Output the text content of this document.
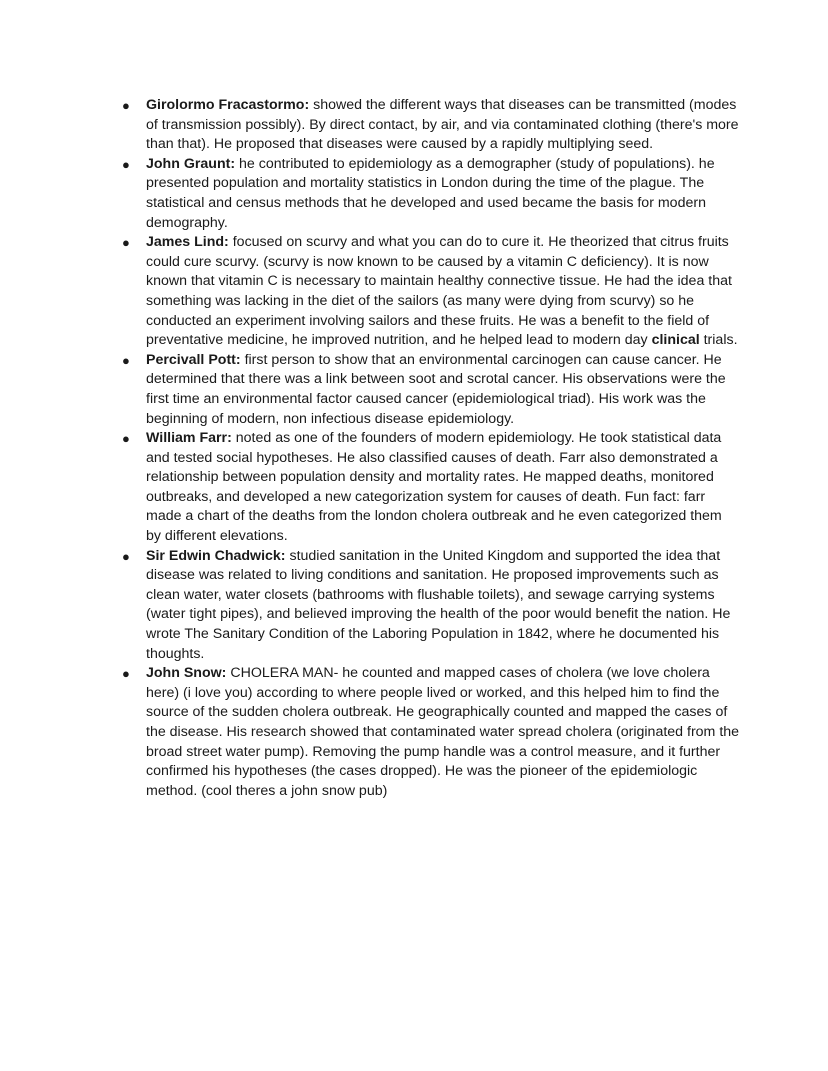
●	Girolormo Fracastormo: showed the different ways that diseases can be transmitted (modes of transmission possibly). By direct contact, by air, and via contaminated clothing (there's more than that). He proposed that diseases were caused by a rapidly multiplying seed.
●	John Graunt: he contributed to epidemiology as a demographer (study of populations). he presented population and mortality statistics in London during the time of the plague. The statistical and census methods that he developed and used became the basis for modern demography.
●	James Lind: focused on scurvy and what you can do to cure it. He theorized that citrus fruits could cure scurvy. (scurvy is now known to be caused by a vitamin C deficiency). It is now known that vitamin C is necessary to maintain healthy connective tissue. He had the idea that something was lacking in the diet of the sailors (as many were dying from scurvy) so he conducted an experiment involving sailors and these fruits. He was a benefit to the field of preventative medicine, he improved nutrition, and he helped lead to modern day clinical trials.
●	Percivall Pott: first person to show that an environmental carcinogen can cause cancer. He determined that there was a link between soot and scrotal cancer. His observations were the first time an environmental factor caused cancer (epidemiological triad). His work was the beginning of modern, non infectious disease epidemiology.
●	William Farr: noted as one of the founders of modern epidemiology. He took statistical data and tested social hypotheses. He also classified causes of death. Farr also demonstrated a relationship between population density and mortality rates. He mapped deaths, monitored outbreaks, and developed a new categorization system for causes of death. Fun fact: farr made a chart of the deaths from the london cholera outbreak and he even categorized them by different elevations.
●	Sir Edwin Chadwick: studied sanitation in the United Kingdom and supported the idea that disease was related to living conditions and sanitation. He proposed improvements such as clean water, water closets (bathrooms with flushable toilets), and sewage carrying systems (water tight pipes), and believed improving the health of the poor would benefit the nation. He wrote The Sanitary Condition of the Laboring Population in 1842, where he documented his thoughts.
●	John Snow: CHOLERA MAN- he counted and mapped cases of cholera (we love cholera here) (i love you) according to where people lived or worked, and this helped him to find the source of the sudden cholera outbreak. He geographically counted and mapped the cases of the disease. His research showed that contaminated water spread cholera (originated from the broad street water pump). Removing the pump handle was a control measure, and it further confirmed his hypotheses (the cases dropped). He was the pioneer of the epidemiologic method. (cool theres a john snow pub)
